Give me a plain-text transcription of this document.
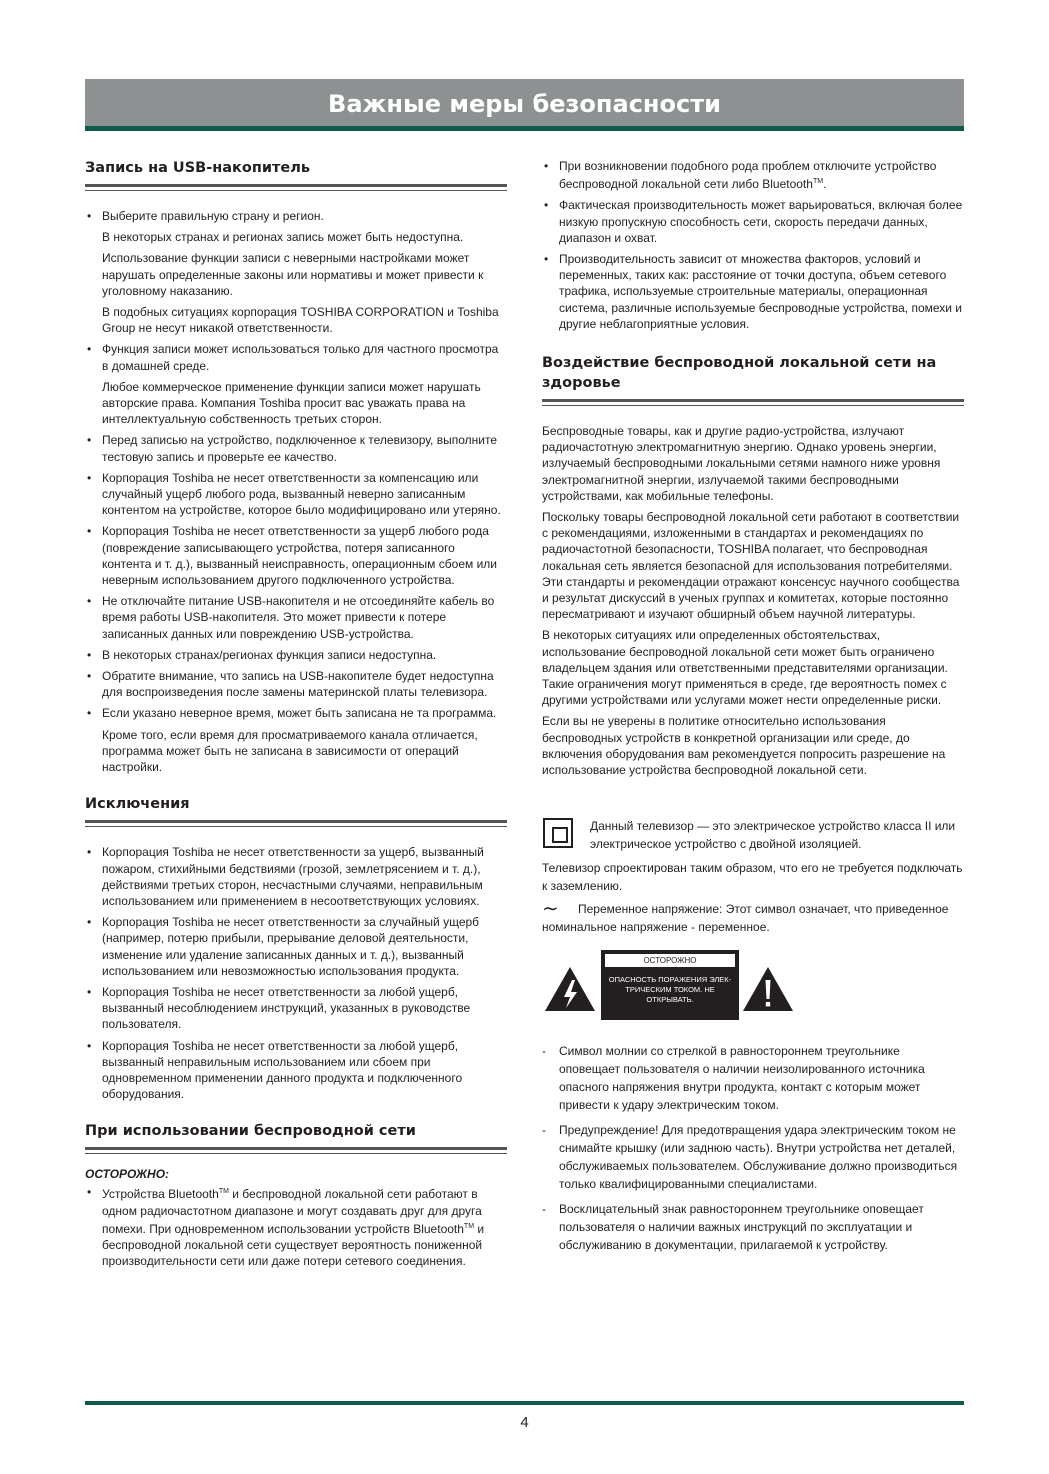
Важные меры безопасности
Запись на USB-накопитель
• Выберите правильную страну и регион.
В некоторых странах и регионах запись может быть недоступна.
Использование функции записи с неверными настройками может нарушать определенные законы или нормативы и может привести к уголовному наказанию.
В подобных ситуациях корпорация TOSHIBA CORPORATION и Toshiba Group не несут никакой ответственности.
• Функция записи может использоваться только для частного просмотра в домашней среде.
Любое коммерческое применение функции записи может нарушать авторские права. Компания Toshiba просит вас уважать права на интеллектуальную собственность третьих сторон.
• Перед записью на устройство, подключенное к телевизору, выполните тестовую запись и проверьте ее качество.
• Корпорация Toshiba не несет ответственности за компенсацию или случайный ущерб любого рода, вызванный неверно записанным контентом на устройстве, которое было модифицировано или утеряно.
• Корпорация Toshiba не несет ответственности за ущерб любого рода (повреждение записывающего устройства, потеря записанного контента и т. д.), вызванный неисправность, операционным сбоем или неверным использованием другого подключенного устройства.
• Не отключайте питание USB-накопителя и не отсоединяйте кабель во время работы USB-накопителя. Это может привести к потере записанных данных или повреждению USB-устройства.
• В некоторых странах/регионах функция записи недоступна.
• Обратите внимание, что запись на USB-накопителе будет недоступна для воспроизведения после замены материнской платы телевизора.
• Если указано неверное время, может быть записана не та программа.
Кроме того, если время для просматриваемого канала отличается, программа может быть не записана в зависимости от операций настройки.
Исключения
• Корпорация Toshiba не несет ответственности за ущерб, вызванный пожаром, стихийными бедствиями (грозой, землетрясением и т. д.), действиями третьих сторон, несчастными случаями, неправильным использованием или применением в несоответствующих условиях.
• Корпорация Toshiba не несет ответственности за случайный ущерб (например, потерю прибыли, прерывание деловой деятельности, изменение или удаление записанных данных и т. д.), вызванный использованием или невозможностью использования продукта.
• Корпорация Toshiba не несет ответственности за любой ущерб, вызванный несоблюдением инструкций, указанных в руководстве пользователя.
• Корпорация Toshiba не несет ответственности за любой ущерб, вызванный неправильным использованием или сбоем при одновременном применении данного продукта и подключенного оборудования.
При использовании беспроводной сети
ОСТОРОЖНО:
• Устройства Bluetooth™ и беспроводной локальной сети работают в одном радиочастотном диапазоне и могут создавать друг для друга помехи. При одновременном использовании устройств Bluetooth™ и беспроводной локальной сети существует вероятность пониженной производительности сети или даже потери сетевого соединения.
• При возникновении подобного рода проблем отключите устройство беспроводной локальной сети либо Bluetooth™.
• Фактическая производительность может варьироваться, включая более низкую пропускную способность сети, скорость передачи данных, диапазон и охват.
• Производительность зависит от множества факторов, условий и переменных, таких как: расстояние от точки доступа, объем сетевого трафика, используемые строительные материалы, операционная система, различные используемые беспроводные устройства, помехи и другие неблагоприятные условия.
Воздействие беспроводной локальной сети на здоровье

Беспроводные товары, как и другие радио-устройства, излучают радиочастотную электромагнитную энергию. Однако уровень энергии, излучаемый беспроводными локальными сетями намного ниже уровня электромагнитной энергии, излучаемой такими беспроводными устройствами, как мобильные телефоны.

Поскольку товары беспроводной локальной сети работают в соответствии с рекомендациями, изложенными в стандартах и рекомендациях по радиочастотной безопасности, TOSHIBA полагает, что беспроводная локальная сеть является безопасной для использования потребителями. Эти стандарты и рекомендации отражают консенсус научного сообщества и результат дискуссий в ученых группах и комитетах, которые постоянно пересматривают и изучают обширный объем научной литературы.

В некоторых ситуациях или определенных обстоятельствах, использование беспроводной локальной сети может быть ограничено владельцем здания или ответственными представителями организации. Такие ограничения могут применяться в среде, где вероятность помех с другими устройствами или услугами может нести определенные риски.

Если вы не уверены в политике относительно использования беспроводных устройств в конкретной организации или среде, до включения оборудования вам рекомендуется попросить разрешение на использование устройства беспроводной локальной сети.

Данный телевизор — это электрическое устройство класса II или электрическое устройство с двойной изоляцией.

Телевизор спроектирован таким образом, что его не требуется подключать к заземлению.

∼ Переменное напряжение: Этот символ означает, что приведенное номинальное напряжение - переменное.
ОСТОРОЖНО
ОПАСНОСТЬ ПОРАЖЕНИЯ ЭЛЕК-ТРИЧЕСКИМ ТОКОМ. НЕ ОТКРЫВАТЬ.
- Символ молнии со стрелкой в равностороннем треугольнике оповещает пользователя о наличии неизолированного источника опасного напряжения внутри продукта, контакт с которым может привести к удару электрическим током.
- Предупреждение! Для предотвращения удара электрическим током не снимайте крышку (или заднюю часть). Внутри устройства нет деталей, обслуживаемых пользователем. Обслуживание должно производиться только квалифицированными специалистами.
- Восклицательный знак равностороннем треугольнике оповещает пользователя о наличии важных инструкций по эксплуатации и обслуживанию в документации, прилагаемой к устройству.
4
